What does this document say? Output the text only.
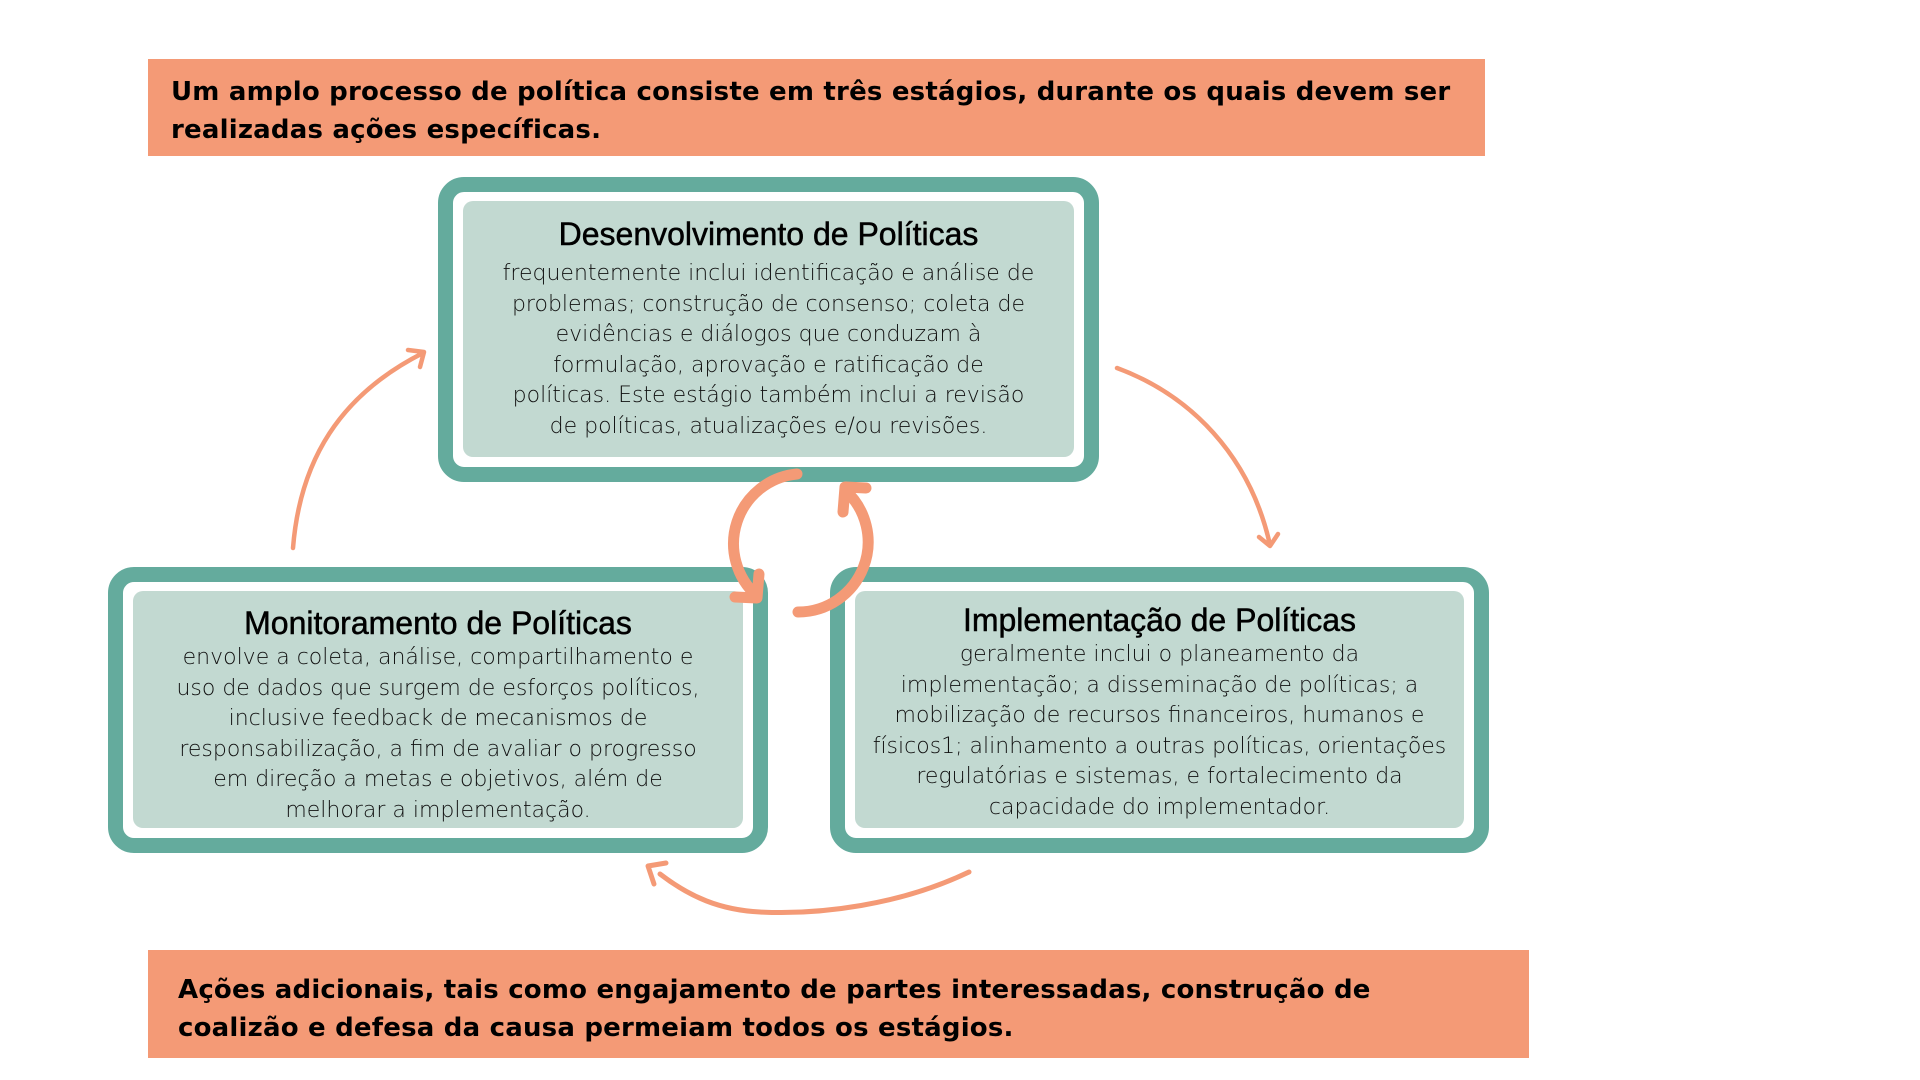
Um amplo processo de política consiste em três estágios, durante os quais devem ser
realizadas ações específicas.
Desenvolvimento de Políticas
frequentemente inclui identificação e análise de
problemas; construção de consenso; coleta de
evidências e diálogos que conduzam à
formulação, aprovação e ratificação de
políticas. Este estágio também inclui a revisão
de políticas, atualizações e/ou revisões.
Monitoramento de Políticas
envolve a coleta, análise, compartilhamento e
uso de dados que surgem de esforços políticos,
inclusive feedback de mecanismos de
responsabilização, a fim de avaliar o progresso
em direção a metas e objetivos, além de
melhorar a implementação.
Implementação de Políticas
geralmente inclui o planeamento da
implementação; a disseminação de políticas; a
mobilização de recursos financeiros, humanos e
físicos1; alinhamento a outras políticas, orientações
regulatórias e sistemas, e fortalecimento da
capacidade do implementador.
Ações adicionais, tais como engajamento de partes interessadas, construção de
coalizão e defesa da causa permeiam todos os estágios.
